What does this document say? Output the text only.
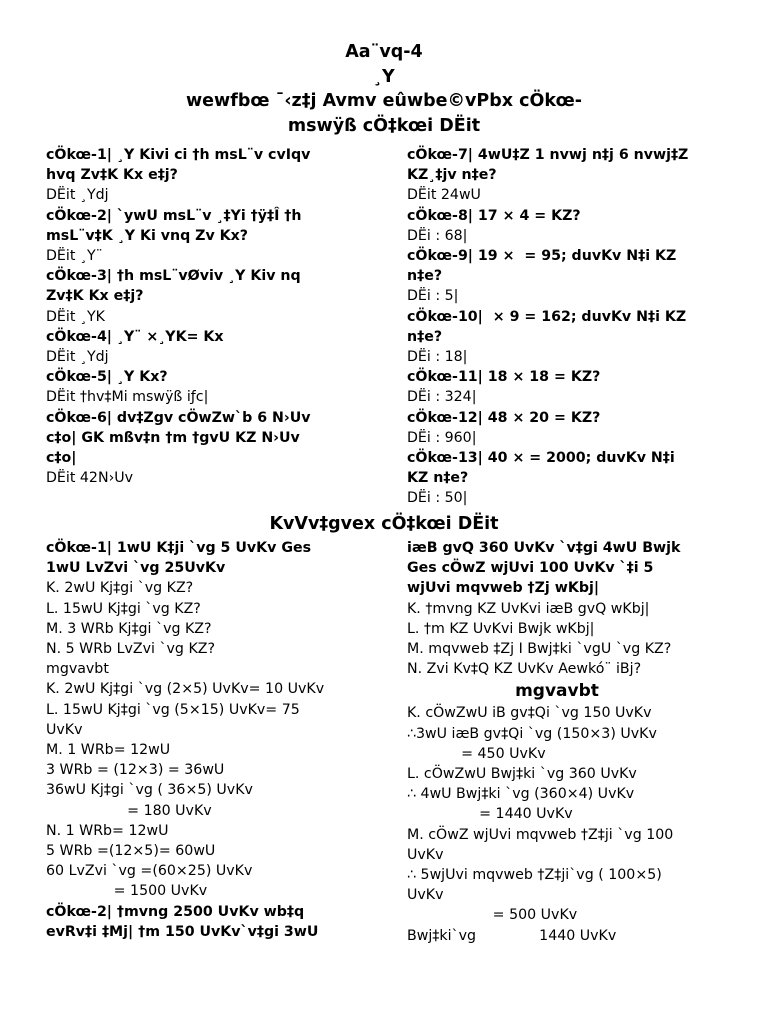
Aa¨vq-4
¸Y
wewfbœ ¯‹z‡j Avmv eûwbe©vPbx cÖkœ-
mswÿß cÖ‡kœi DËit
cÖkœ-1| ¸Y Kivi ci †h msL¨v cvIqv
hvq Zv‡K Kx e‡j?
DËit ¸Ydj
cÖkœ-2| `ywU msL¨v ¸‡Yi †ÿ‡Î †h
msL¨v‡K ¸Y Ki vnq Zv Kx?
DËit ¸Y¨
cÖkœ-3| †h msL¨vØviv ¸Y Kiv nq
Zv‡K Kx e‡j?
DËit ¸YK
cÖkœ-4| ¸Y¨ ×¸YK= Kx
DËit ¸Ydj
cÖkœ-5| ¸Y Kx?
DËit †hv‡Mi mswÿß iƒc|
cÖkœ-6| dv‡Zgv cÖwZw`b 6 N›Uv
c‡o| GK mßv‡n †m †gvU KZ N›Uv
c‡o|
DËit 42N›Uv
cÖkœ-7| 4wU‡Z 1 nvwj n‡j 6 nvwj‡Z
KZ¸‡jv n‡e?
DËit 24wU
cÖkœ-8| 17 × 4 = KZ?
DËi : 68|
cÖkœ-9| 19 ×  = 95; duvKv N‡i KZ
n‡e?
DËi : 5|
cÖkœ-10|  × 9 = 162; duvKv N‡i KZ
n‡e?
DËi : 18|
cÖkœ-11| 18 × 18 = KZ?
DËi : 324|
cÖkœ-12| 48 × 20 = KZ?
DËi : 960|
cÖkœ-13| 40 × = 2000; duvKv N‡i
KZ n‡e?
DËi : 50|
KvVv‡gvex cÖ‡kœi DËit
cÖkœ-1| 1wU K‡ji `vg 5 UvKv Ges
1wU LvZvi `vg 25UvKv
K. 2wU Kj‡gi `vg KZ?
L. 15wU Kj‡gi `vg KZ?
M. 3 WRb Kj‡gi `vg KZ?
N. 5 WRb LvZvi `vg KZ?
mgvavbt
K. 2wU Kj‡gi `vg (2×5) UvKv= 10 UvKv
L. 15wU Kj‡gi `vg (5×15) UvKv= 75
UvKv
M. 1 WRb= 12wU
3 WRb = (12×3) = 36wU
36wU Kj‡gi `vg ( 36×5) UvKv
= 180 UvKv
N. 1 WRb= 12wU
5 WRb =(12×5)= 60wU
60 LvZvi `vg =(60×25) UvKv
= 1500 UvKv
cÖkœ-2| †mvng 2500 UvKv wb‡q
evRv‡i ‡Mj| †m 150 UvKv`v‡gi 3wU
iæB gvQ 360 UvKv `v‡gi 4wU Bwjk
Ges cÖwZ wjUvi 100 UvKv `‡i 5
wjUvi mqvweb †Zj wKbj|
K. †mvng KZ UvKvi iæB gvQ wKbj|
L. †m KZ UvKvi Bwjk wKbj|
M. mqvweb ‡Zj I Bwj‡ki `vgU `vg KZ?
N. Zvi Kv‡Q KZ UvKv Aewkó¨ iBj?
mgvavbt
K. cÖwZwU iB gv‡Qi `vg 150 UvKv
∴3wU iæB gv‡Qi `vg (150×3) UvKv
= 450 UvKv
L. cÖwZwU Bwj‡ki `vg 360 UvKv
∴ 4wU Bwj‡ki `vg (360×4) UvKv
= 1440 UvKv
M. cÖwZ wjUvi mqvweb †Z‡ji `vg 100
UvKv
∴ 5wjUvi mqvweb †Z‡ji`vg ( 100×5)
UvKv
= 500 UvKv
Bwj‡ki`vg              1440 UvKv
